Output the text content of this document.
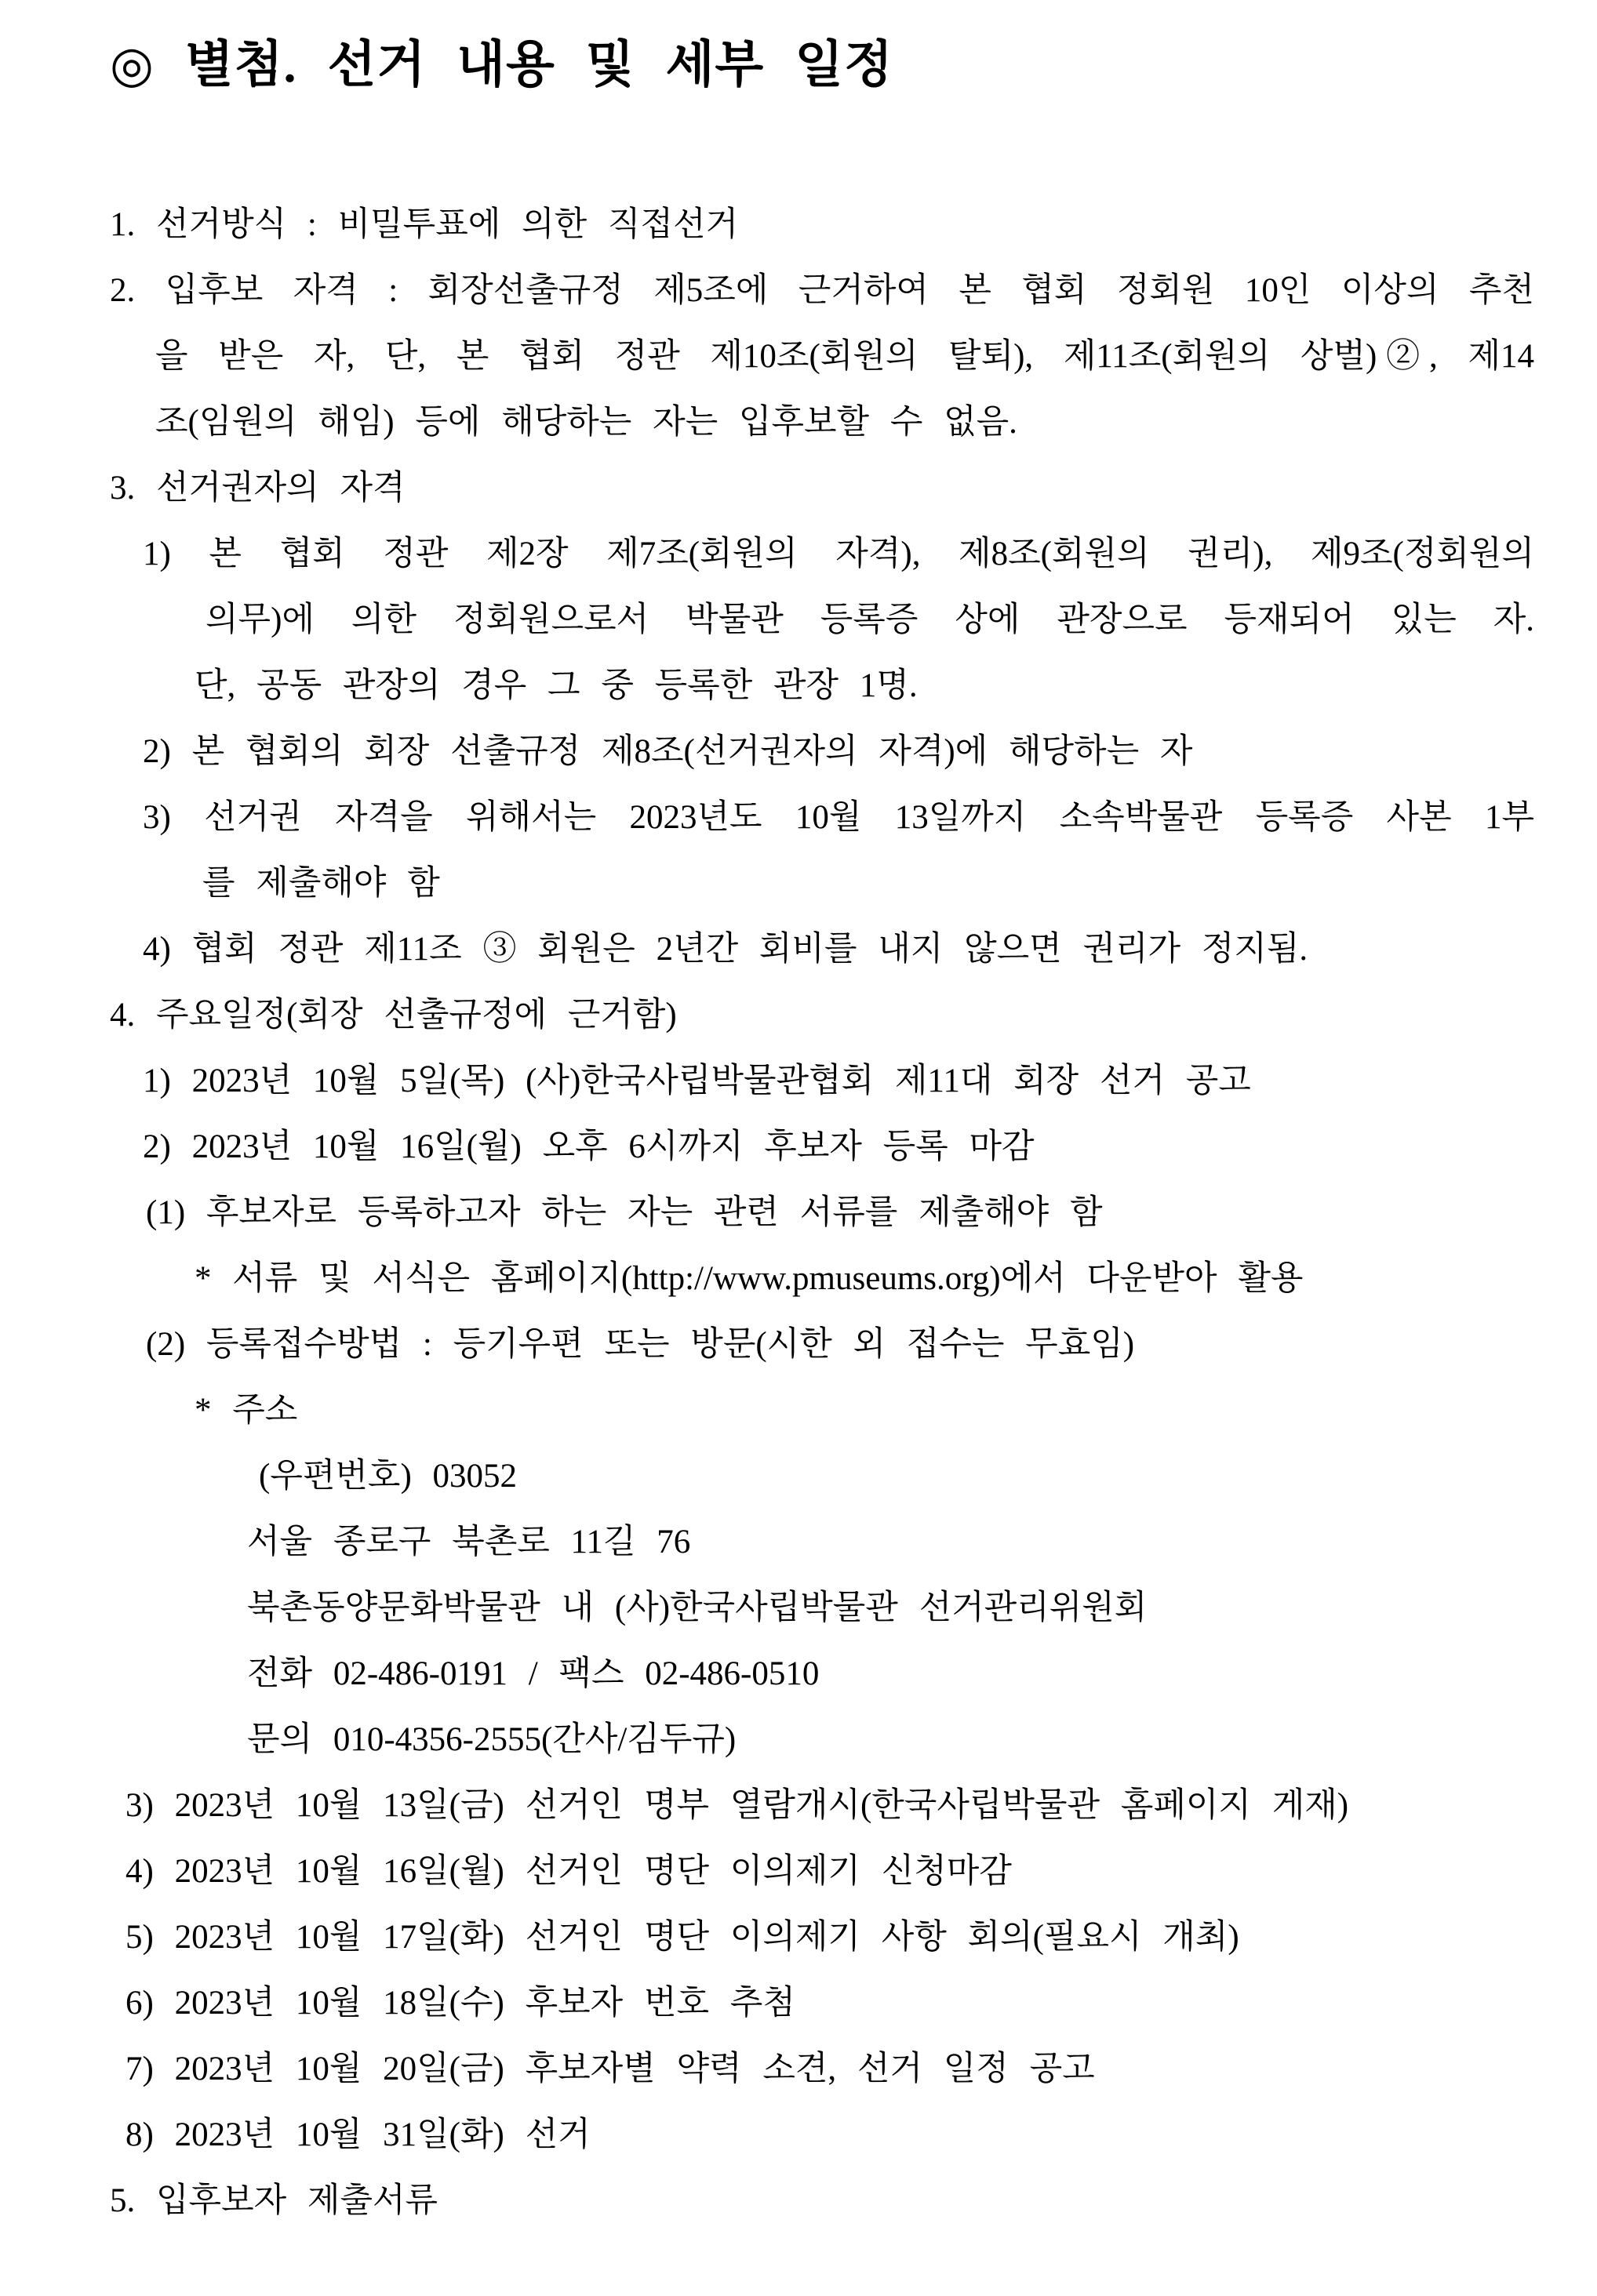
◎ 별첨. 선거 내용 및 세부 일정
1. 선거방식 : 비밀투표에 의한 직접선거
2. 입후보 자격 : 회장선출규정 제5조에 근거하여 본 협회 정회원 10인 이상의 추천
을 받은 자, 단, 본 협회 정관 제10조(회원의 탈퇴), 제11조(회원의 상벌)②, 제14
조(임원의 해임) 등에 해당하는 자는 입후보할 수 없음.
3. 선거권자의 자격
1) 본 협회 정관 제2장 제7조(회원의 자격), 제8조(회원의 권리), 제9조(정회원의
의무)에 의한 정회원으로서 박물관 등록증 상에 관장으로 등재되어 있는 자.
단, 공동 관장의 경우 그 중 등록한 관장 1명.
2) 본 협회의 회장 선출규정 제8조(선거권자의 자격)에 해당하는 자
3) 선거권 자격을 위해서는 2023년도 10월 13일까지 소속박물관 등록증 사본 1부
를 제출해야 함
4) 협회 정관 제11조 ③ 회원은 2년간 회비를 내지 않으면 권리가 정지됨.
4. 주요일정(회장 선출규정에 근거함)
1) 2023년 10월 5일(목) (사)한국사립박물관협회 제11대 회장 선거 공고
2) 2023년 10월 16일(월) 오후 6시까지 후보자 등록 마감
(1) 후보자로 등록하고자 하는 자는 관련 서류를 제출해야 함
* 서류 및 서식은 홈페이지(http://www.pmuseums.org)에서 다운받아 활용
(2) 등록접수방법 : 등기우편 또는 방문(시한 외 접수는 무효임)
* 주소
(우편번호) 03052
서울 종로구 북촌로 11길 76
북촌동양문화박물관 내 (사)한국사립박물관 선거관리위원회
전화 02-486-0191 / 팩스 02-486-0510
문의 010-4356-2555(간사/김두규)
3) 2023년 10월 13일(금) 선거인 명부 열람개시(한국사립박물관 홈페이지 게재)
4) 2023년 10월 16일(월) 선거인 명단 이의제기 신청마감
5) 2023년 10월 17일(화) 선거인 명단 이의제기 사항 회의(필요시 개최)
6) 2023년 10월 18일(수) 후보자 번호 추첨
7) 2023년 10월 20일(금) 후보자별 약력 소견, 선거 일정 공고
8) 2023년 10월 31일(화) 선거
5. 입후보자 제출서류
